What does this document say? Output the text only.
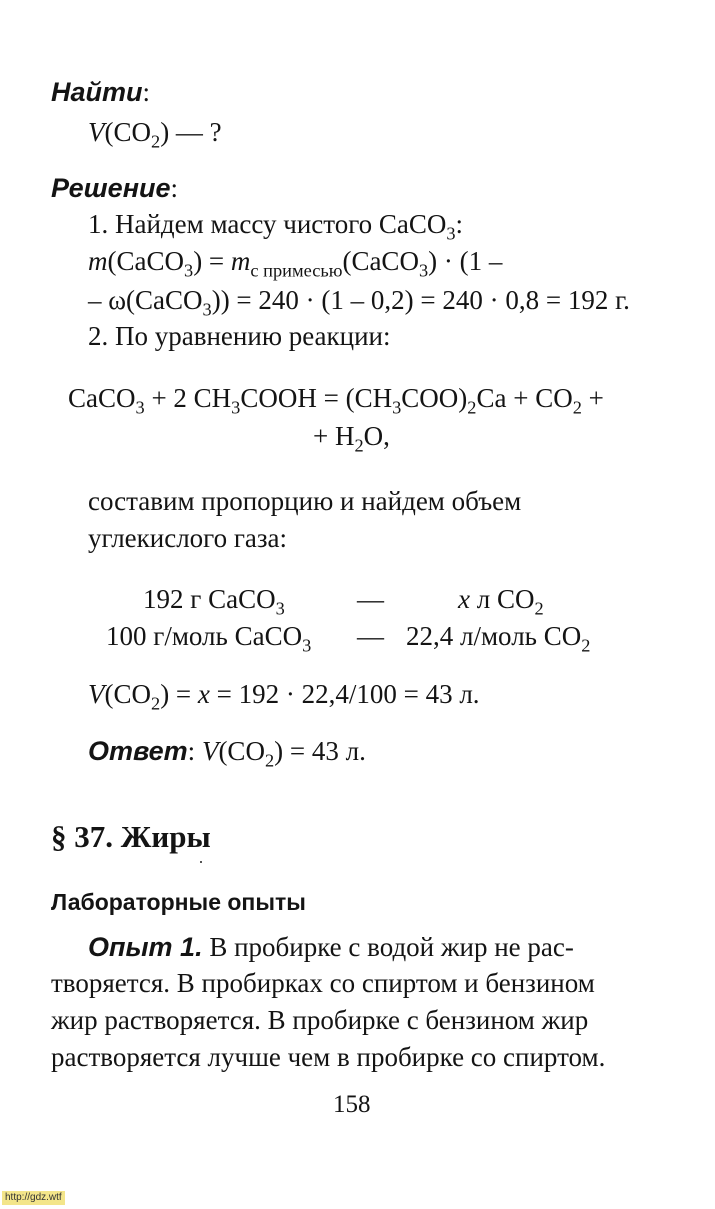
Найти:
$V(CO_2)$ — ?
Решение:
1. Найдем массу чистого CaCO$_3$:
m(CaCO$_3$) = $m_{с примесью}(CaCO_3) \cdot (1$ –
– ω(CaCO$_3$)) = 240 · (1 – 0,2) = 240 · 0,8 = 192 г.
2. По уравнению реакции:
CaCO$_3$ + 2 $CH_3COOH = (CH_3COO)_2Ca + CO_2$ +
+ $H_2O$,
составим пропорцию и найдем объем
углекислого газа:
192 г CaCO$_3$	—	x л $CO_2$
100 г/моль CaCO$_3$ — 22,4 л/моль $CO_2$
$V(CO_2) = x = 192 \cdot 22,4/100 = 43$ л.
Ответ: $V(CO_2) = 43$ л.
§ 37. Жиры
Лабораторные опыты
Опыт 1. В пробирке с водой жир не рас-
творяется. В пробирках со спиртом и бензином
жир растворяется. В пробирке с бензином жир
растворяется лучше чем в пробирке со спиртом.
158
http://gdz.wtf
